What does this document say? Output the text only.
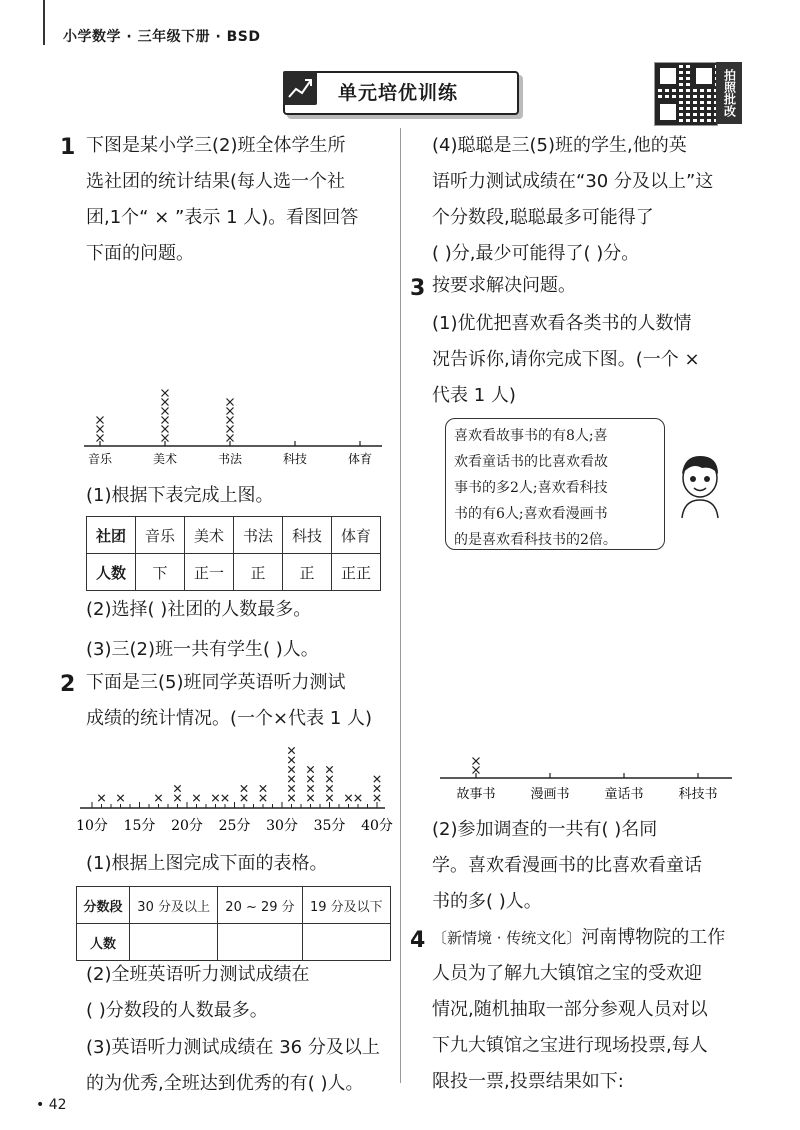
小学数学 · 三年级下册 · BSD
单元培优训练	拍照批改
1 下图是某小学三(2)班全体学生所
选社团的统计结果(每人选一个社
团,1个“ × ”表示 1 人)。看图回答
下面的问题。
音乐	美术	书法	科技	体育
(1)根据下表完成上图。
社团	音乐	美术	书法	科技	体育
人数	下	正一	正	正	正正
(2)选择( )社团的人数最多。
(3)三(2)班一共有学生( )人。
2 下面是三(5)班同学英语听力测试
成绩的统计情况。(一个×代表 1 人)
10分 15分 20分 25分 30分 35分 40分
(1)根据上图完成下面的表格。
分数段	30 分及以上	20 ~ 29 分	19 分及以下
人数			
(2)全班英语听力测试成绩在
( )分数段的人数最多。
(3)英语听力测试成绩在 36 分及以上
的为优秀,全班达到优秀的有( )人。
(4)聪聪是三(5)班的学生,他的英
语听力测试成绩在“30 分及以上”这
个分数段,聪聪最多可能得了
( )分,最少可能得了( )分。
3 按要求解决问题。
(1)优优把喜欢看各类书的人数情
况告诉你,请你完成下图。(一个 ×
代表 1 人)
喜欢看故事书的有8人;喜
欢看童话书的比喜欢看故
事书的多2人;喜欢看科技
书的有6人;喜欢看漫画书
的是喜欢看科技书的2倍。
故事书	漫画书	童话书	科技书
(2)参加调查的一共有( )名同
学。喜欢看漫画书的比喜欢看童话
书的多( )人。
4 〔新情境 · 传统文化〕河南博物院的工作
人员为了解九大镇馆之宝的受欢迎
情况,随机抽取一部分参观人员对以
下九大镇馆之宝进行现场投票,每人
限投一票,投票结果如下:
• 42
